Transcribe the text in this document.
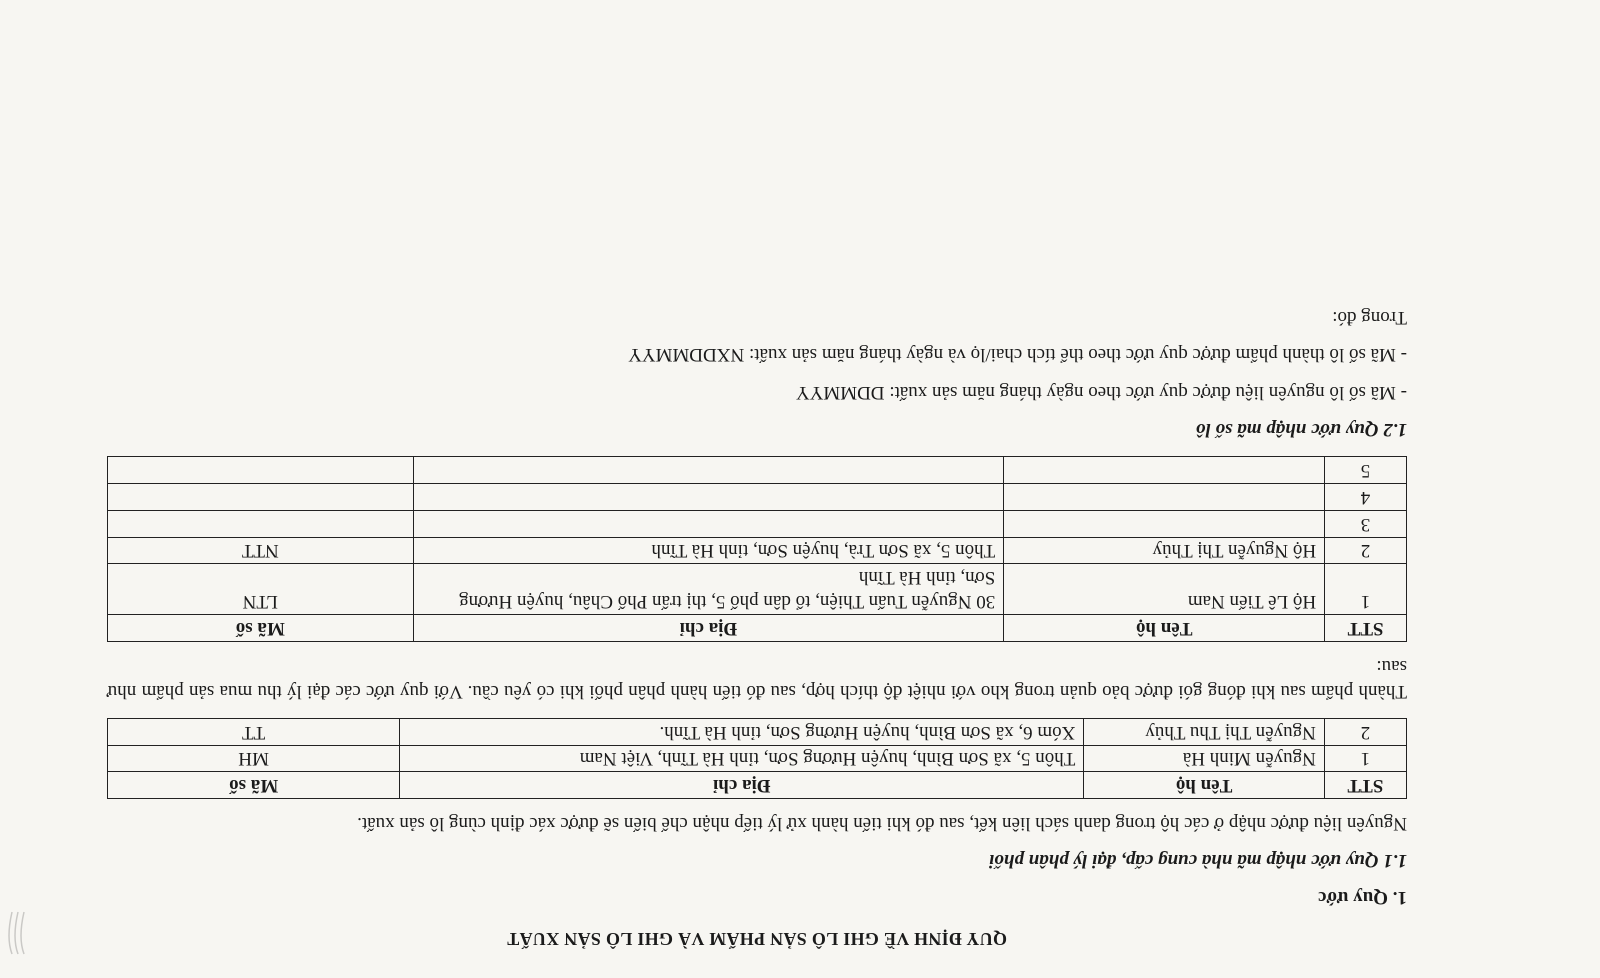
QUY ĐỊNH VỀ GHI LÔ SẢN PHẨM VÀ GHI LÔ SẢN XUẤT
1. Quy ước
1.1 Quy ước nhập mã nhà cung cấp, đại lý phân phối
Nguyên liệu được nhập ở các hộ trong danh sách liên kết, sau đó khi tiến hành xử lý tiếp nhận chế biến sẽ được xác định cùng lô sản xuất.
STT	Tên hộ	Địa chỉ	Mã số
1	Nguyễn Minh Hà	Thôn 5, xã Sơn Bình, huyện Hương Sơn, tỉnh Hà Tĩnh, Việt Nam	MH
2	Nguyễn Thị Thu Thủy	Xóm 6, xã Sơn Bình, huyện Hương Sơn, tỉnh Hà Tĩnh.	TT
Thành phẩm sau khi đóng gói được bảo quản trong kho với nhiệt độ thích hợp, sau đó tiến hành phân phối khi có yêu cầu. Với quy ước các đại lý thu mua sản phẩm như sau:
STT	Tên hộ	Địa chỉ	Mã số
1	Hộ Lê Tiến Nam	30 Nguyễn Tuấn Thiện, tổ dân phố 5, thị trấn Phố Châu, huyện Hương Sơn, tỉnh Hà Tĩnh	LTN
2	Hộ Nguyễn Thị Thủy	Thôn 5, xã Sơn Trà, huyện Sơn, tỉnh Hà Tĩnh	NTT
3			
4			
5			
1.2 Quy ước nhập mã số lô
- Mã số lô nguyên liệu được quy ước theo ngày tháng năm sản xuất: DDMMYY
- Mã số lô thành phẩm được quy ước theo thể tích chai/lọ và ngày tháng năm sản xuất: NXDDMMYY
Trong đó:
